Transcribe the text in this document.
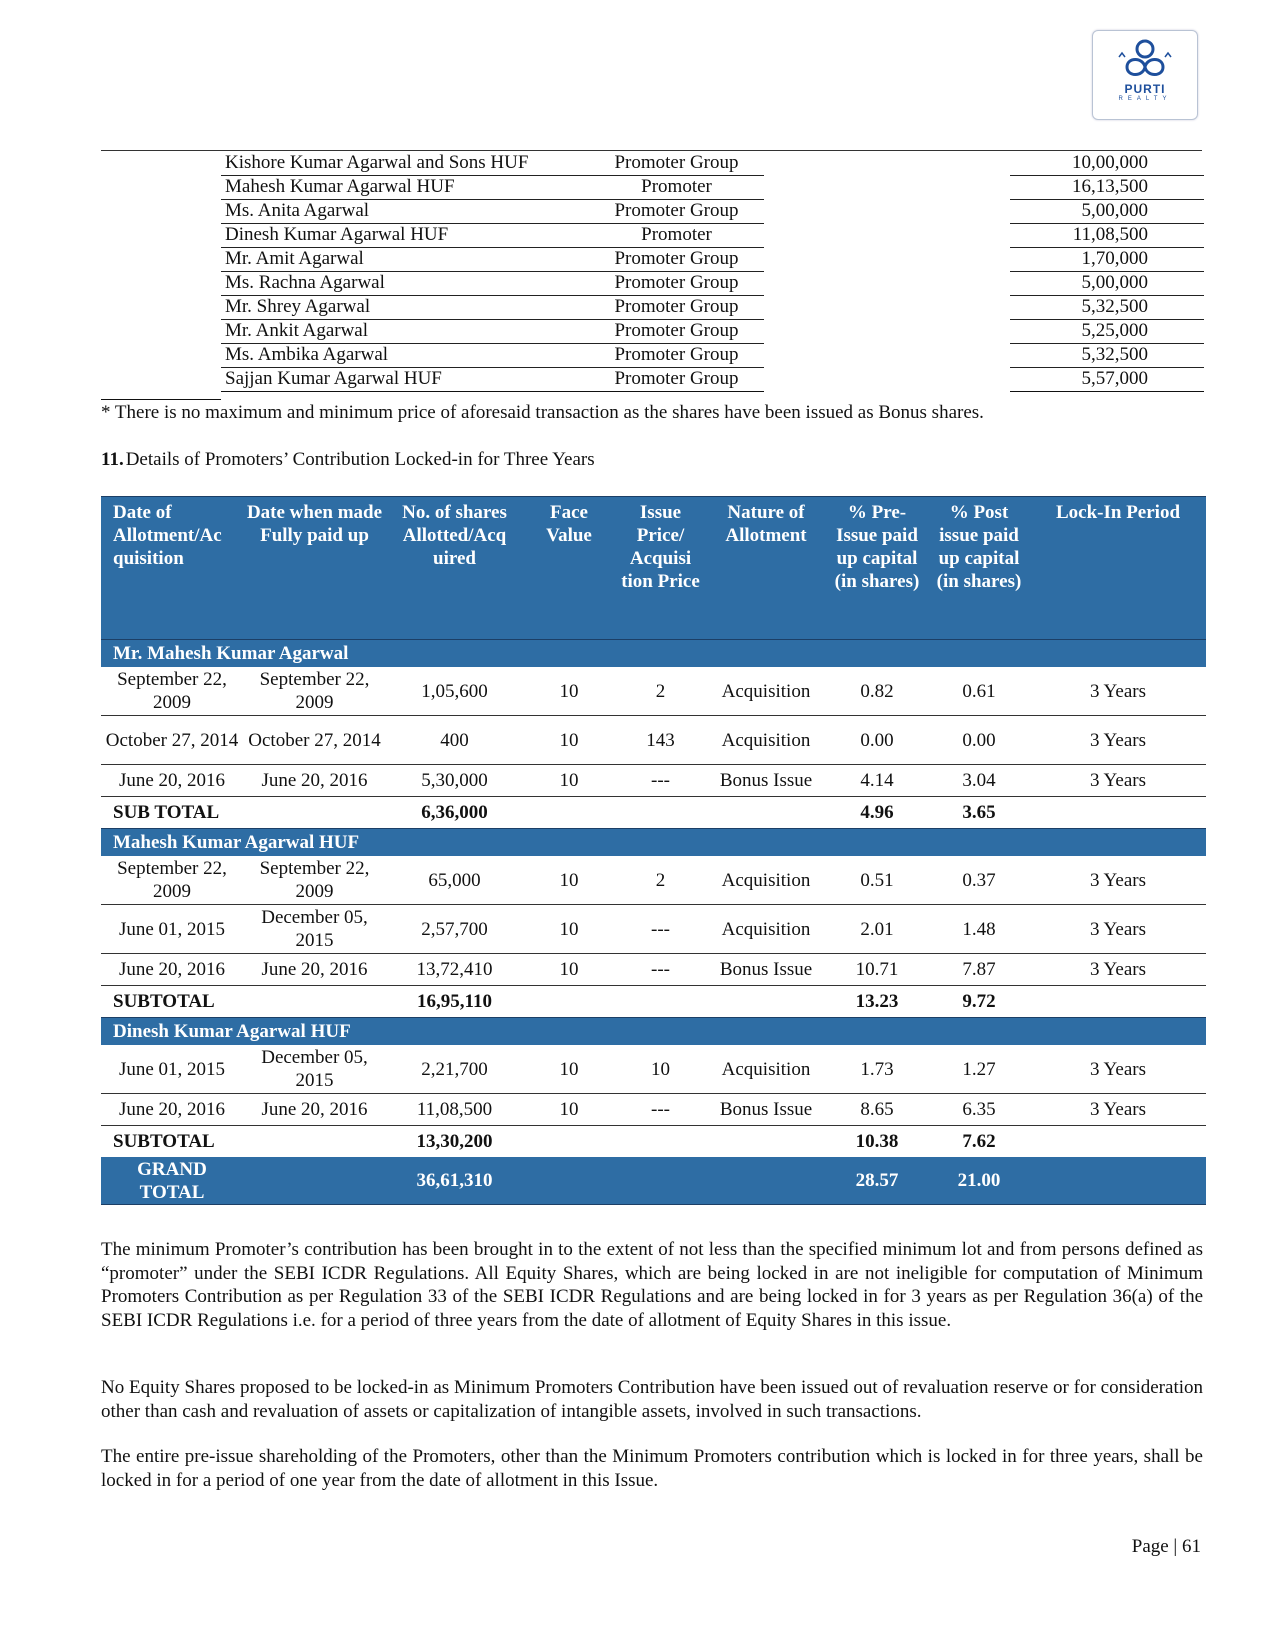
PURTI
REALTY
Kishore Kumar Agarwal and Sons HUF	Promoter Group		10,00,000
Mahesh Kumar Agarwal HUF	Promoter		16,13,500
Ms. Anita Agarwal	Promoter Group		5,00,000
Dinesh Kumar Agarwal HUF	Promoter		11,08,500
Mr. Amit Agarwal	Promoter Group		1,70,000
Ms. Rachna Agarwal	Promoter Group		5,00,000
Mr. Shrey Agarwal	Promoter Group		5,32,500
Mr. Ankit Agarwal	Promoter Group		5,25,000
Ms. Ambika Agarwal	Promoter Group		5,32,500
Sajjan Kumar Agarwal HUF	Promoter Group		5,57,000
* There is no maximum and minimum price of aforesaid transaction as the shares have been issued as Bonus shares.
11. Details of Promoters’ Contribution Locked-in for Three Years
Date of Allotment/Ac quisition	Date when made Fully paid up	No. of shares Allotted/Acq uired	Face Value	Issue Price/ Acquisi tion Price	Nature of Allotment	% Pre- Issue paid up capital (in shares)	% Post issue paid up capital (in shares)	Lock-In Period
Mr. Mahesh Kumar Agarwal								
September 22, 2009	September 22, 2009	1,05,600	10	2	Acquisition	0.82	0.61	3 Years
October 27, 2014	October 27, 2014	400	10	143	Acquisition	0.00	0.00	3 Years
June 20, 2016	June 20, 2016	5,30,000	10	---	Bonus Issue	4.14	3.04	3 Years
SUB TOTAL		6,36,000				4.96	3.65	
Mahesh Kumar Agarwal HUF								
September 22, 2009	September 22, 2009	65,000	10	2	Acquisition	0.51	0.37	3 Years
June 01, 2015	December 05, 2015	2,57,700	10	---	Acquisition	2.01	1.48	3 Years
June 20, 2016	June 20, 2016	13,72,410	10	---	Bonus Issue	10.71	7.87	3 Years
SUBTOTAL		16,95,110				13.23	9.72	
Dinesh Kumar Agarwal HUF								
June 01, 2015	December 05, 2015	2,21,700	10	10	Acquisition	1.73	1.27	3 Years
June 20, 2016	June 20, 2016	11,08,500	10	---	Bonus Issue	8.65	6.35	3 Years
SUBTOTAL		13,30,200				10.38	7.62	
GRAND TOTAL		36,61,310				28.57	21.00	
The minimum Promoter’s contribution has been brought in to the extent of not less than the specified minimum lot and from persons defined as “promoter” under the SEBI ICDR Regulations. All Equity Shares, which are being locked in are not ineligible for computation of Minimum Promoters Contribution as per Regulation 33 of the SEBI ICDR Regulations and are being locked in for 3 years as per Regulation 36(a) of the SEBI ICDR Regulations i.e. for a period of three years from the date of allotment of Equity Shares in this issue.
No Equity Shares proposed to be locked-in as Minimum Promoters Contribution have been issued out of revaluation reserve or for consideration other than cash and revaluation of assets or capitalization of intangible assets, involved in such transactions.
The entire pre-issue shareholding of the Promoters, other than the Minimum Promoters contribution which is locked in for three years, shall be locked in for a period of one year from the date of allotment in this Issue.
Page | 61
